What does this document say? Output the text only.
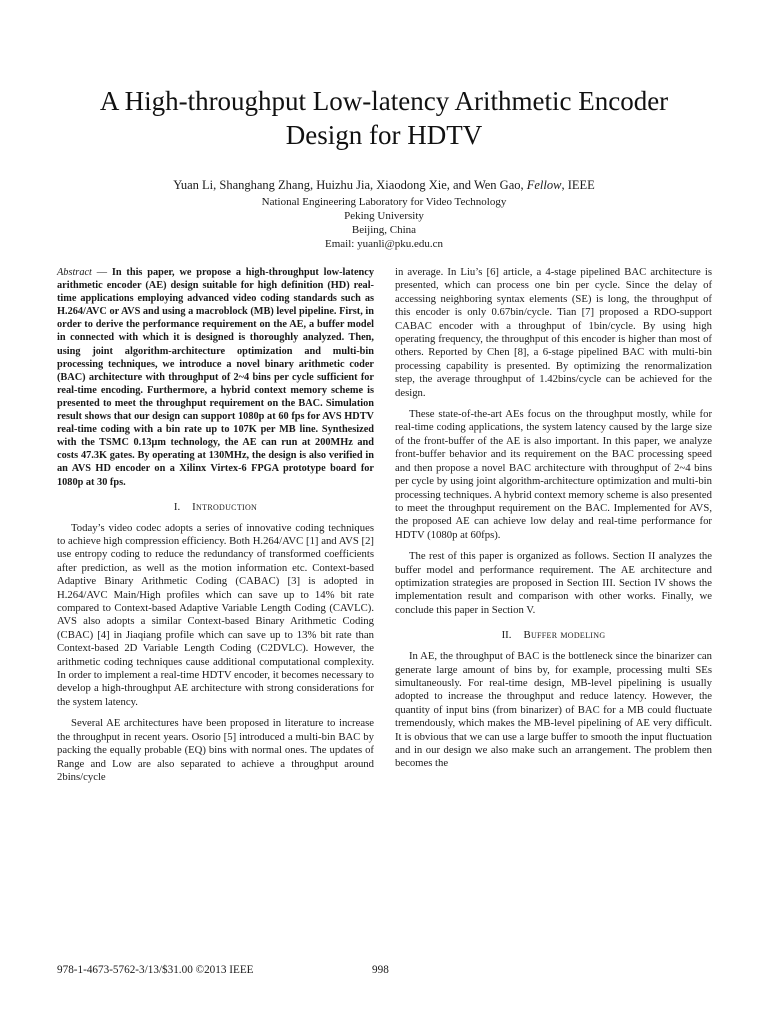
A High-throughput Low-latency Arithmetic Encoder
Design for HDTV
Yuan Li, Shanghang Zhang, Huizhu Jia, Xiaodong Xie, and Wen Gao, Fellow, IEEE
National Engineering Laboratory for Video Technology
Peking University
Beijing, China
Email: yuanli@pku.edu.cn

Abstract — In this paper, we propose a high-throughput low-latency arithmetic encoder (AE) design suitable for high definition (HD) real-time applications employing advanced video coding standards such as H.264/AVC or AVS and using a macroblock (MB) level pipeline. First, in order to derive the performance requirement on the AE, a buffer model in connected with which it is designed is thoroughly analyzed. Then, using joint algorithm-architecture optimization and multi-bin processing techniques, we introduce a novel binary arithmetic coder (BAC) architecture with throughput of 2~4 bins per cycle sufficient for real-time encoding. Furthermore, a hybrid context memory scheme is presented to meet the throughput requirement on the BAC. Simulation result shows that our design can support 1080p at 60 fps for AVS HDTV real-time coding with a bin rate up to 107K per MB line. Synthesized with the TSMC 0.13μm technology, the AE can run at 200MHz and costs 47.3K gates. By operating at 130MHz, the design is also verified in an AVS HD encoder on a Xilinx Virtex-6 FPGA prototype board for 1080p at 30 fps.

I. Introduction

Today’s video codec adopts a series of innovative coding techniques to achieve high compression efficiency. Both H.264/AVC [1] and AVS [2] use entropy coding to reduce the redundancy of transformed coefficients after prediction, as well as the motion information etc. Context-based Adaptive Binary Arithmetic Coding (CABAC) [3] is adopted in H.264/AVC Main/High profiles which can save up to 14% bit rate compared to Context-based Adaptive Variable Length Coding (CAVLC). AVS also adopts a similar Context-based Binary Arithmetic Coding (CBAC) [4] in Jiaqiang profile which can save up to 13% bit rate than Context-based 2D Variable Length Coding (C2DVLC). However, the arithmetic coding techniques cause additional computational complexity. In order to implement a real-time HDTV encoder, it becomes necessary to develop a high-throughput AE architecture with strong considerations for the system latency.

Several AE architectures have been proposed in literature to increase the throughput in recent years. Osorio [5] introduced a multi-bin BAC by packing the equally probable (EQ) bins with normal ones. The updates of Range and Low are also separated to achieve a throughput around 2bins/cycle

in average. In Liu’s [6] article, a 4-stage pipelined BAC architecture is presented, which can process one bin per cycle. Since the delay of accessing neighboring syntax elements (SE) is long, the throughput of this encoder is only 0.67bin/cycle. Tian [7] proposed a RDO-support CABAC encoder with a throughput of 1bin/cycle. By using high operating frequency, the throughput of this encoder is higher than most of others. Reported by Chen [8], a 6-stage pipelined BAC with multi-bin processing capability is presented. By optimizing the renormalization step, the average throughput of 1.42bins/cycle can be achieved for the design.

These state-of-the-art AEs focus on the throughput mostly, while for real-time coding applications, the system latency caused by the large size of the front-buffer of the AE is also important. In this paper, we analyze front-buffer behavior and its requirement on the BAC processing speed and then propose a novel BAC architecture with throughput of 2~4 bins per cycle by using joint algorithm-architecture optimization and multi-bin processing techniques. A hybrid context memory scheme is also presented to meet the throughput requirement on the BAC. Implemented for AVS, the proposed AE can achieve low delay and real-time performance for HDTV (1080p at 60fps).

The rest of this paper is organized as follows. Section II analyzes the buffer model and performance requirement. The AE architecture and optimization strategies are proposed in Section III. Section IV shows the implementation result and comparison with other works. Finally, we conclude this paper in Section V.

II. Buffer modeling

In AE, the throughput of BAC is the bottleneck since the binarizer can generate large amount of bins by, for example, processing multi SEs simultaneously. For real-time design, MB-level pipelining is usually adopted to increase the throughput and reduce latency. However, the quantity of input bins (from binarizer) of BAC for a MB could fluctuate tremendously, which makes the MB-level pipelining of AE very difficult. It is obvious that we can use a large buffer to smooth the input fluctuation and in our design we also make such an arrangement. The problem then becomes the

978-1-4673-5762-3/13/$31.00 ©2013 IEEE	998
